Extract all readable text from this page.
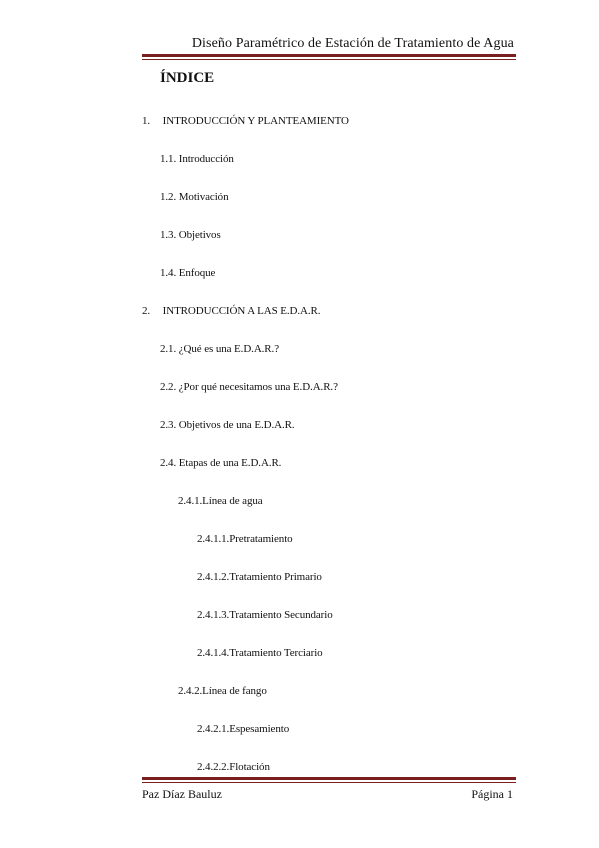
Diseño Paramétrico de Estación de Tratamiento de Agua
ÍNDICE
1. INTRODUCCIÓN Y PLANTEAMIENTO
1.1. Introducción
1.2. Motivación
1.3. Objetivos
1.4. Enfoque
2. INTRODUCCIÓN A LAS E.D.A.R.
2.1. ¿Qué es una E.D.A.R.?
2.2. ¿Por qué necesitamos una E.D.A.R.?
2.3. Objetivos de una E.D.A.R.
2.4. Etapas de una E.D.A.R.
2.4.1.Línea de agua
2.4.1.1.Pretratamiento
2.4.1.2.Tratamiento Primario
2.4.1.3.Tratamiento Secundario
2.4.1.4.Tratamiento Terciario
2.4.2.Línea de fango
2.4.2.1.Espesamiento
2.4.2.2.Flotación
Paz Díaz Bauluz	Página 1
